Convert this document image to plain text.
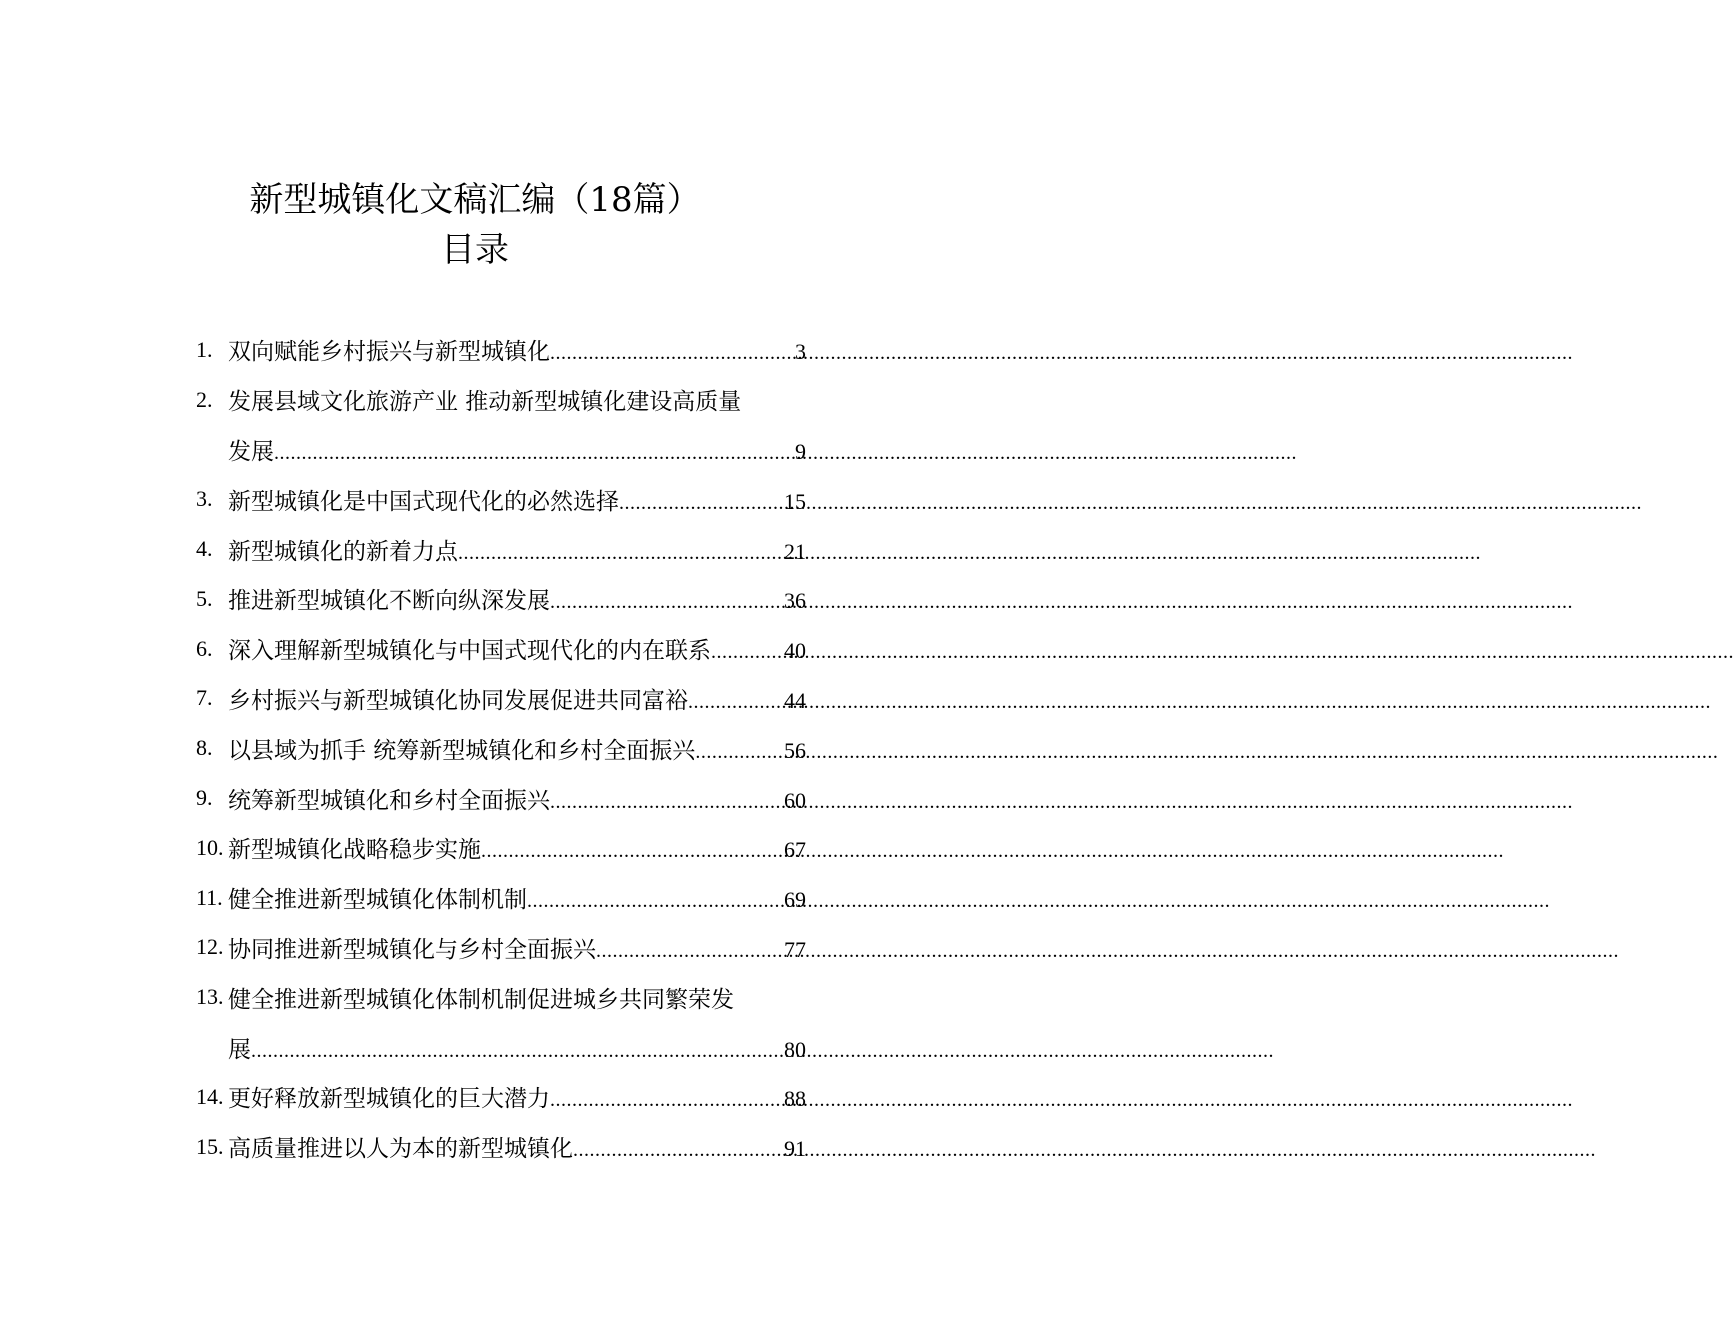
新型城镇化文稿汇编（18篇）
目录
1. 双向赋能乡村振兴与新型城镇化 .....	3
2. 发展县域文化旅游产业 推动新型城镇化建设高质量
发展 .....	9
3. 新型城镇化是中国式现代化的必然选择 .....	15
4. 新型城镇化的新着力点 .....	21
5. 推进新型城镇化不断向纵深发展 .....	36
6. 深入理解新型城镇化与中国式现代化的内在联系 .....	40
7. 乡村振兴与新型城镇化协同发展促进共同富裕 .....	44
8. 以县域为抓手 统筹新型城镇化和乡村全面振兴 .....	56
9. 统筹新型城镇化和乡村全面振兴 .....	60
10. 新型城镇化战略稳步实施 .....	67
11. 健全推进新型城镇化体制机制 .....	69
12. 协同推进新型城镇化与乡村全面振兴 .....	77
13. 健全推进新型城镇化体制机制促进城乡共同繁荣发
展 .....	80
14. 更好释放新型城镇化的巨大潜力 .....	88
15. 高质量推进以人为本的新型城镇化 .....	91
